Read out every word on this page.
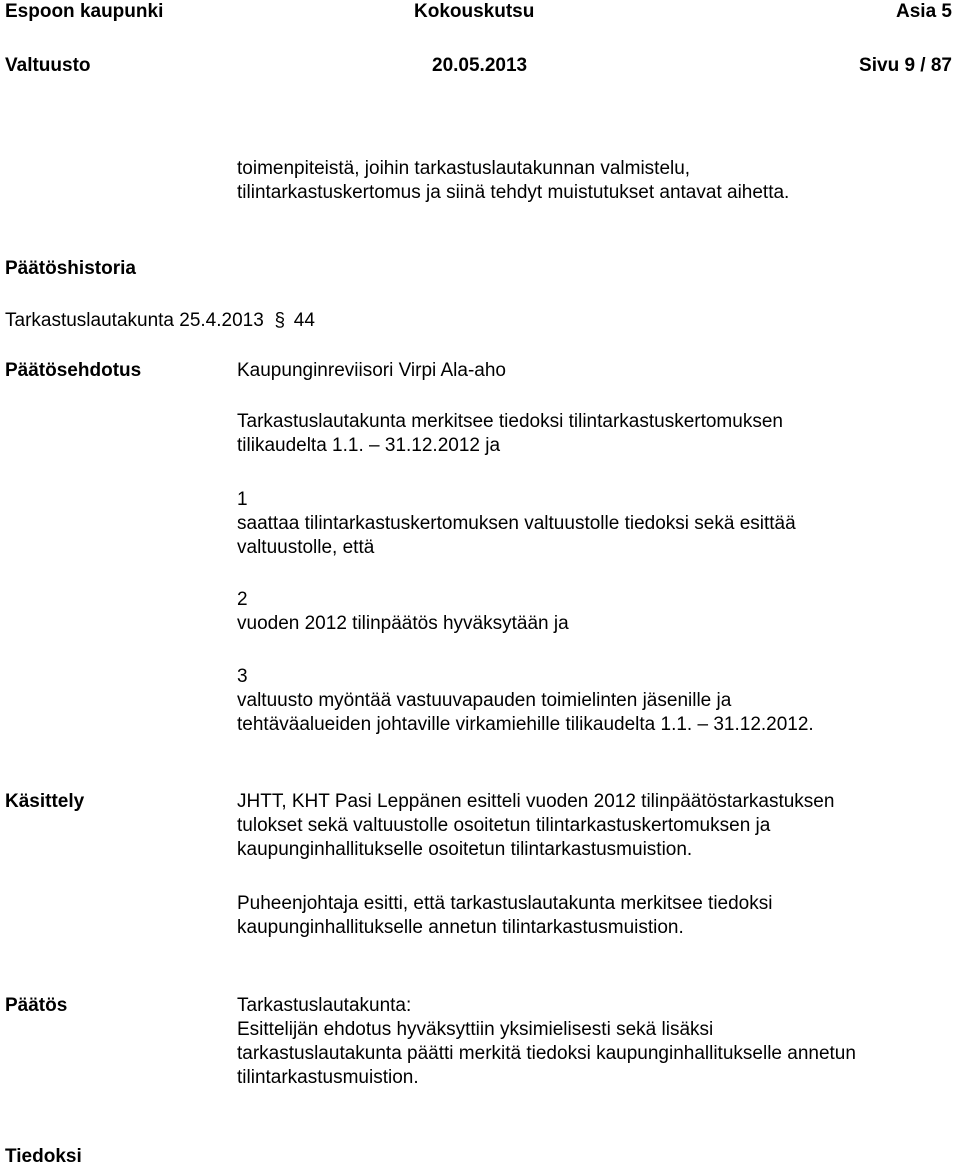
Espoon kaupunki	Kokouskutsu	Asia 5
Valtuusto	20.05.2013	Sivu 9 / 87
toimenpiteistä, joihin tarkastuslautakunnan valmistelu,
tilintarkastuskertomus ja siinä tehdyt muistutukset antavat aihetta.
Päätöshistoria
Tarkastuslautakunta 25.4.2013 § 44
Päätösehdotus	Kaupunginreviisori Virpi Ala-aho
Tarkastuslautakunta merkitsee tiedoksi tilintarkastuskertomuksen
tilikaudelta 1.1. – 31.12.2012 ja
1
saattaa tilintarkastuskertomuksen valtuustolle tiedoksi sekä esittää
valtuustolle, että
2
vuoden 2012 tilinpäätös hyväksytään ja
3
valtuusto myöntää vastuuvapauden toimielinten jäsenille ja
tehtäväalueiden johtaville virkamiehille tilikaudelta 1.1. – 31.12.2012.
Käsittely	JHTT, KHT Pasi Leppänen esitteli vuoden 2012 tilinpäätöstarkastuksen
tulokset sekä valtuustolle osoitetun tilintarkastuskertomuksen ja
kaupunginhallitukselle osoitetun tilintarkastusmuistion.
Puheenjohtaja esitti, että tarkastuslautakunta merkitsee tiedoksi
kaupunginhallitukselle annetun tilintarkastusmuistion.
Päätös	Tarkastuslautakunta:
Esittelijän ehdotus hyväksyttiin yksimielisesti sekä lisäksi
tarkastuslautakunta päätti merkitä tiedoksi kaupunginhallitukselle annetun
tilintarkastusmuistion.
Tiedoksi
